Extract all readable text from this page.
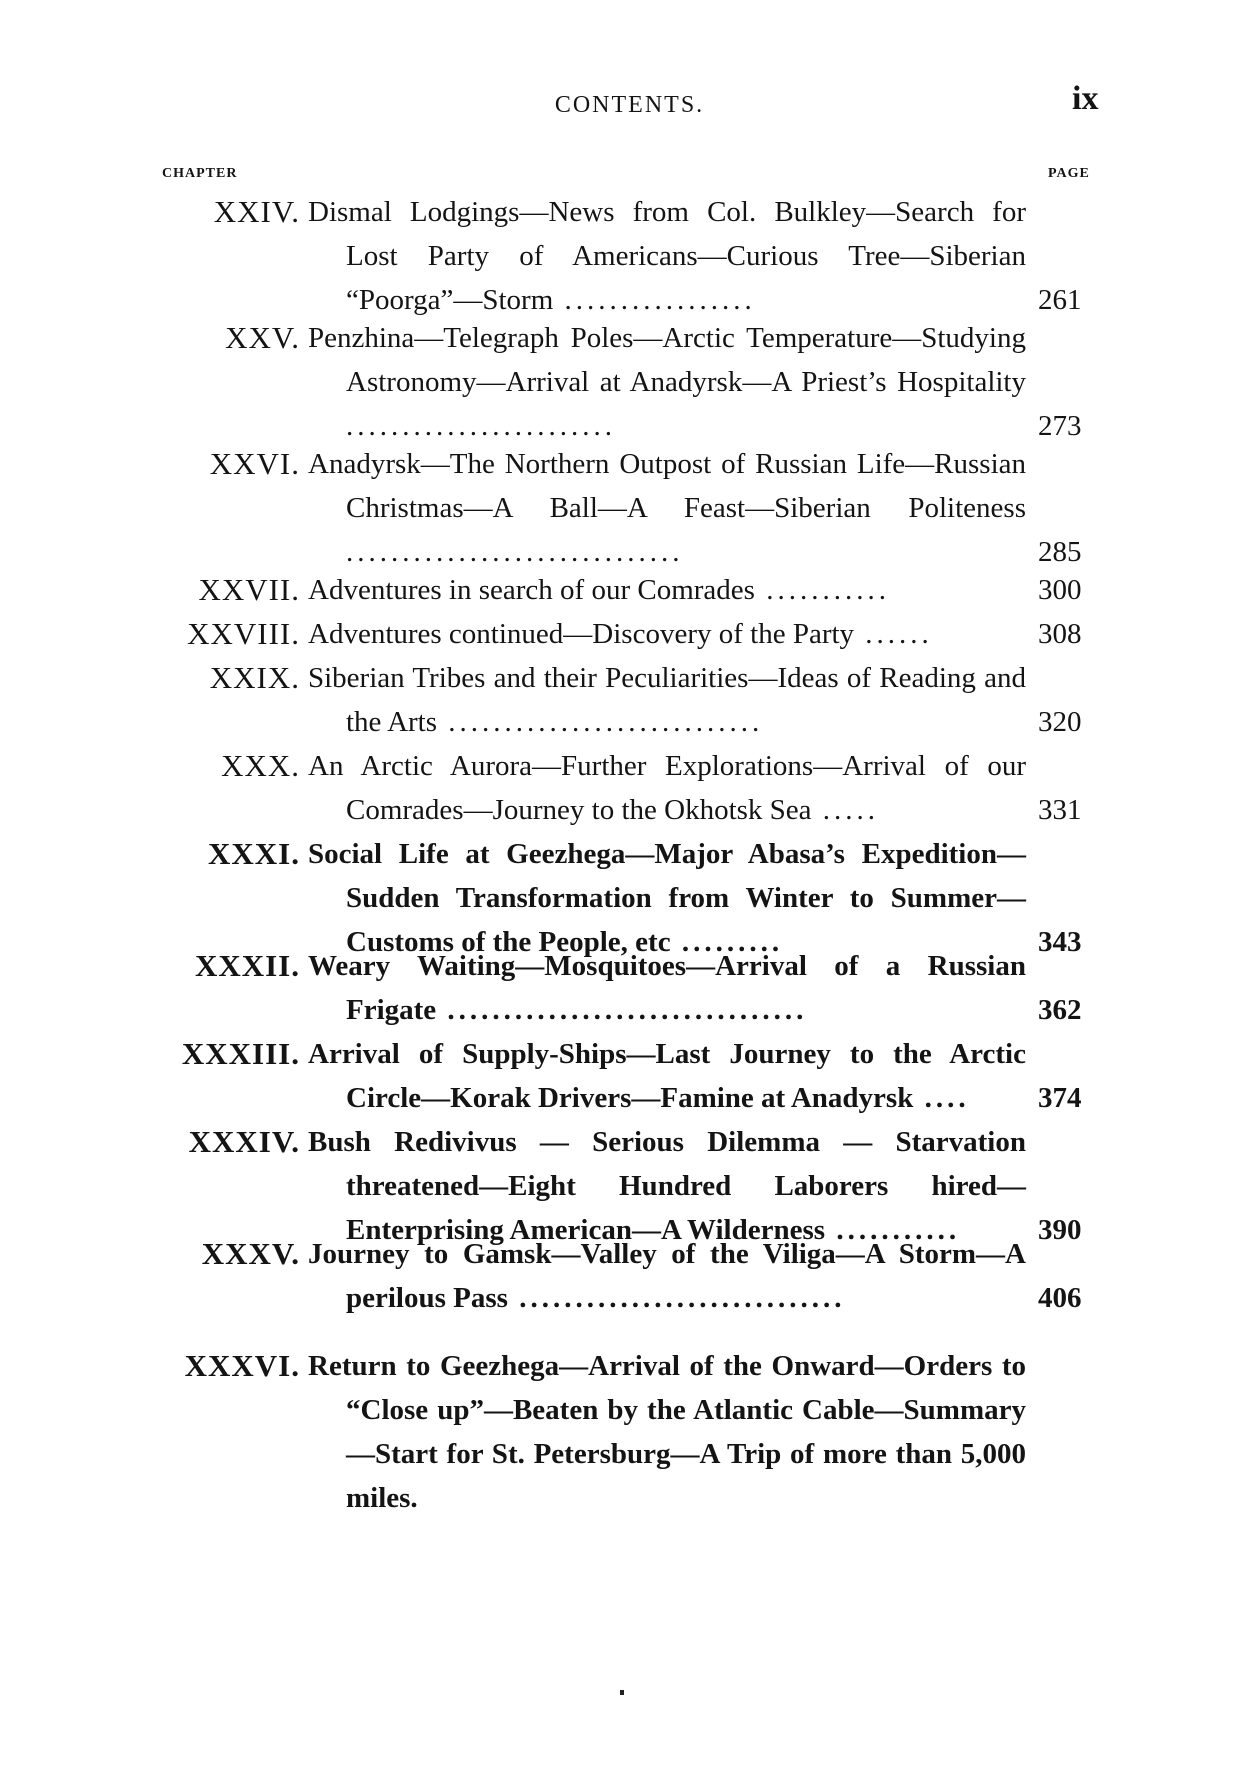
CONTENTS.	ix
CHAPTER	PAGE
XXIV. Dismal Lodgings—News from Col. Bulkley—Search for Lost Party of Americans—Curious Tree—Siberian “Poorga”—Storm .................	261
XXV. Penzhina—Telegraph Poles—Arctic Temperature—Studying Astronomy—Arrival at Anadyrsk—A Priest’s Hospitality ........................	273
XXVI. Anadyrsk—The Northern Outpost of Russian Life—Russian Christmas—A Ball—A Feast—Siberian Politeness ..............................	285
XXVII. Adventures in search of our Comrades ...........	300
XXVIII. Adventures continued—Discovery of the Party ......	308
XXIX. Siberian Tribes and their Peculiarities—Ideas of Reading and the Arts ............................	320
XXX. An Arctic Aurora—Further Explorations—Arrival of our Comrades—Journey to the Okhotsk Sea .....	331
XXXI. Social Life at Geezhega—Major Abasa’s Expedition—Sudden Transformation from Winter to Summer—Customs of the People, etc .........	343
XXXII. Weary Waiting—Mosquitoes—Arrival of a Russian Frigate ................................	362
XXXIII. Arrival of Supply-Ships—Last Journey to the Arctic Circle—Korak Drivers—Famine at Anadyrsk ....	374
XXXIV. Bush Redivivus — Serious Dilemma — Starvation threatened—Eight Hundred Laborers hired—Enterprising American—A Wilderness ...........	390
XXXV. Journey to Gamsk—Valley of the Viliga—A Storm—A perilous Pass .............................	406
XXXVI. Return to Geezhega—Arrival of the Onward—Orders to “Close up”—Beaten by the Atlantic Cable—Summary—Start for St. Petersburg—A Trip of more than 5,000 miles.
